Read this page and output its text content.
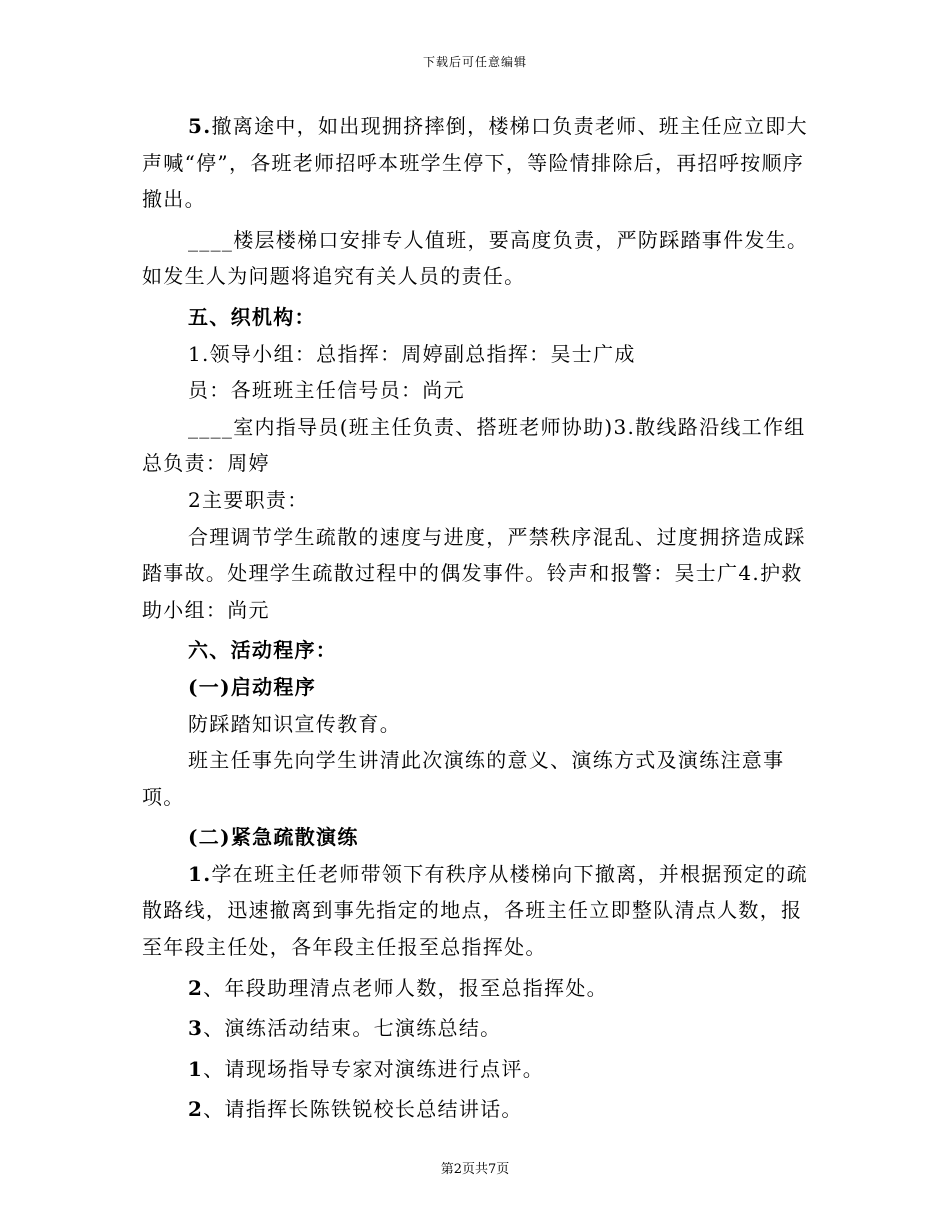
下载后可任意编辑

5.撤离途中，如出现拥挤摔倒，楼梯口负责老师、班主任应立即大声喊“停”，各班老师招呼本班学生停下，等险情排除后，再招呼按顺序撤出。

____楼层楼梯口安排专人值班，要高度负责，严防踩踏事件发生。如发生人为问题将追究有关人员的责任。

五、织机构：

1.领导小组：总指挥：周婷副总指挥：吴士广成

员：各班班主任信号员：尚元

____室内指导员(班主任负责、搭班老师协助)3.散线路沿线工作组总负责：周婷

2主要职责：

合理调节学生疏散的速度与进度，严禁秩序混乱、过度拥挤造成踩踏事故。处理学生疏散过程中的偶发事件。铃声和报警：吴士广4.护救助小组：尚元

六、活动程序：

(一)启动程序

防踩踏知识宣传教育。

班主任事先向学生讲清此次演练的意义、演练方式及演练注意事项。

(二)紧急疏散演练

1.学在班主任老师带领下有秩序从楼梯向下撤离，并根据预定的疏散路线，迅速撤离到事先指定的地点，各班主任立即整队清点人数，报至年段主任处，各年段主任报至总指挥处。

2、年段助理清点老师人数，报至总指挥处。

3、演练活动结束。七演练总结。

1、请现场指导专家对演练进行点评。

2、请指挥长陈铁锐校长总结讲话。

第2页共7页
